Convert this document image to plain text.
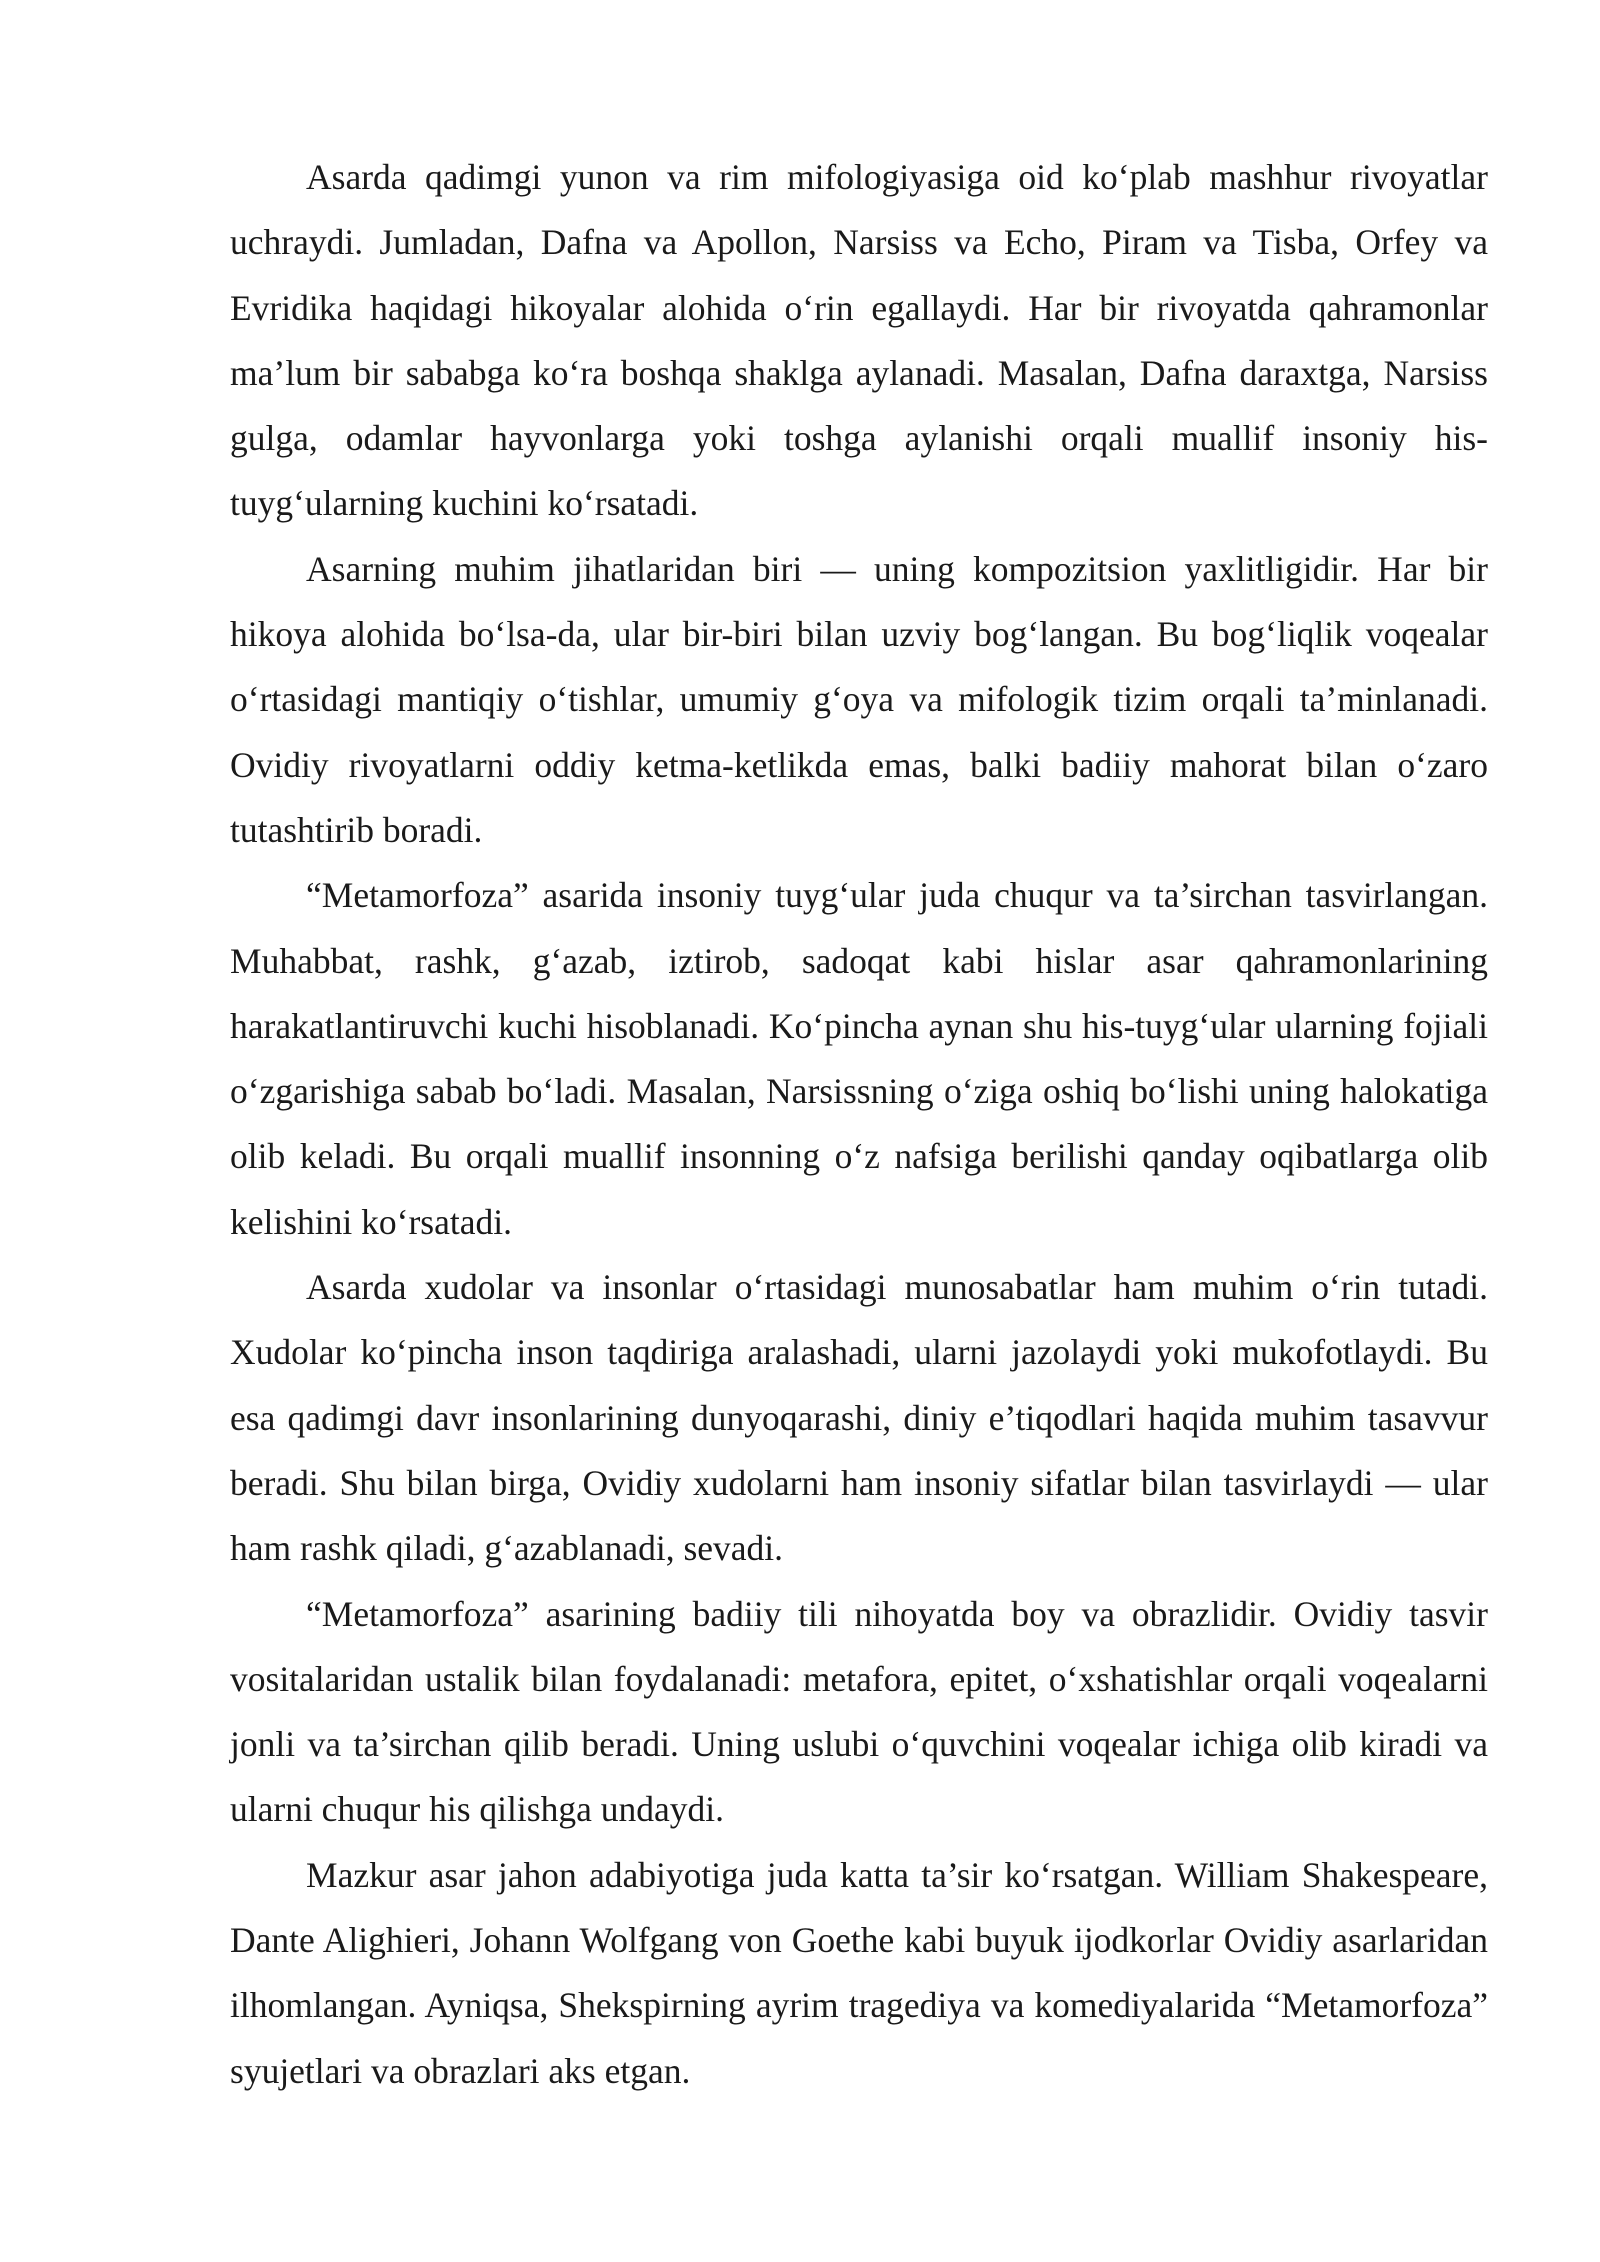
Asarda qadimgi yunon va rim mifologiyasiga oid ko‘plab mashhur rivoyatlar uchraydi. Jumladan, Dafna va Apollon, Narsiss va Echo, Piram va Tisba, Orfey va Evridika haqidagi hikoyalar alohida o‘rin egallaydi. Har bir rivoyatda qahramonlar ma’lum bir sababga ko‘ra boshqa shaklga aylanadi. Masalan, Dafna daraxtga, Narsiss gulga, odamlar hayvonlarga yoki toshga aylanishi orqali muallif insoniy his-tuyg‘ularning kuchini ko‘rsatadi.

Asarning muhim jihatlaridan biri — uning kompozitsion yaxlitligidir. Har bir hikoya alohida bo‘lsa-da, ular bir-biri bilan uzviy bog‘langan. Bu bog‘liqlik voqealar o‘rtasidagi mantiqiy o‘tishlar, umumiy g‘oya va mifologik tizim orqali ta’minlanadi. Ovidiy rivoyatlarni oddiy ketma-ketlikda emas, balki badiiy mahorat bilan o‘zaro tutashtirib boradi.

“Metamorfoza” asarida insoniy tuyg‘ular juda chuqur va ta’sirchan tasvirlangan. Muhabbat, rashk, g‘azab, iztirob, sadoqat kabi hislar asar qahramonlarining harakatlantiruvchi kuchi hisoblanadi. Ko‘pincha aynan shu his-tuyg‘ular ularning fojiali o‘zgarishiga sabab bo‘ladi. Masalan, Narsissning o‘ziga oshiq bo‘lishi uning halokatiga olib keladi. Bu orqali muallif insonning o‘z nafsiga berilishi qanday oqibatlarga olib kelishini ko‘rsatadi.

Asarda xudolar va insonlar o‘rtasidagi munosabatlar ham muhim o‘rin tutadi. Xudolar ko‘pincha inson taqdiriga aralashadi, ularni jazolaydi yoki mukofotlaydi. Bu esa qadimgi davr insonlarining dunyoqarashi, diniy e’tiqodlari haqida muhim tasavvur beradi. Shu bilan birga, Ovidiy xudolarni ham insoniy sifatlar bilan tasvirlaydi — ular ham rashk qiladi, g‘azablanadi, sevadi.

“Metamorfoza” asarining badiiy tili nihoyatda boy va obrazlidir. Ovidiy tasvir vositalaridan ustalik bilan foydalanadi: metafora, epitet, o‘xshatishlar orqali voqealarni jonli va ta’sirchan qilib beradi. Uning uslubi o‘quvchini voqealar ichiga olib kiradi va ularni chuqur his qilishga undaydi.

Mazkur asar jahon adabiyotiga juda katta ta’sir ko‘rsatgan. William Shakespeare, Dante Alighieri, Johann Wolfgang von Goethe kabi buyuk ijodkorlar Ovidiy asarlaridan ilhomlangan. Ayniqsa, Shekspirning ayrim tragediya va komediyalarida “Metamorfoza” syujetlari va obrazlari aks etgan.
